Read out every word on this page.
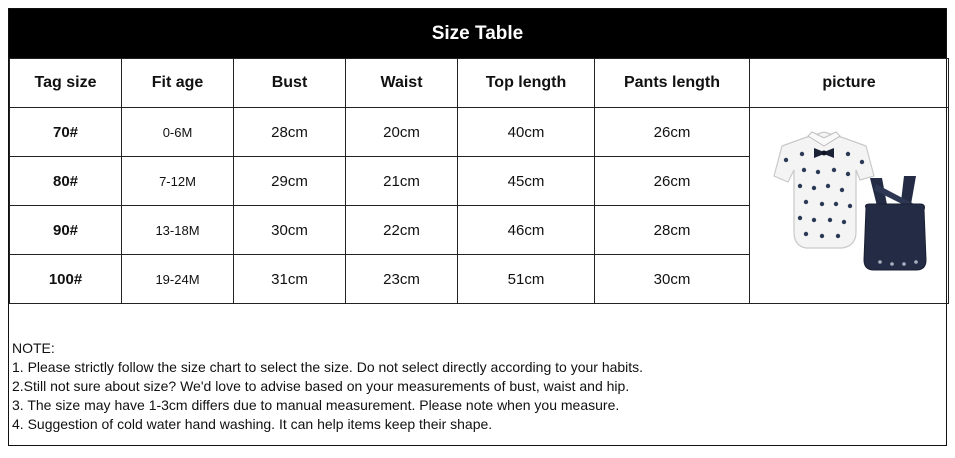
Size Table
Tag size	Fit age	Bust	Waist	Top length	Pants length	picture
70#	0-6M	28cm	20cm	40cm	26cm	
80#	7-12M	29cm	21cm	45cm	26cm	
90#	13-18M	30cm	22cm	46cm	28cm	
100#	19-24M	31cm	23cm	51cm	30cm	
NOTE:
1. Please strictly follow the size chart to select the size. Do not select directly according to your habits.
2.Still not sure about size? We'd love to advise based on your measurements of bust, waist and hip.
3. The size may have 1-3cm differs due to manual measurement. Please note when you measure.
4. Suggestion of cold water hand washing. It can help items keep their shape.
